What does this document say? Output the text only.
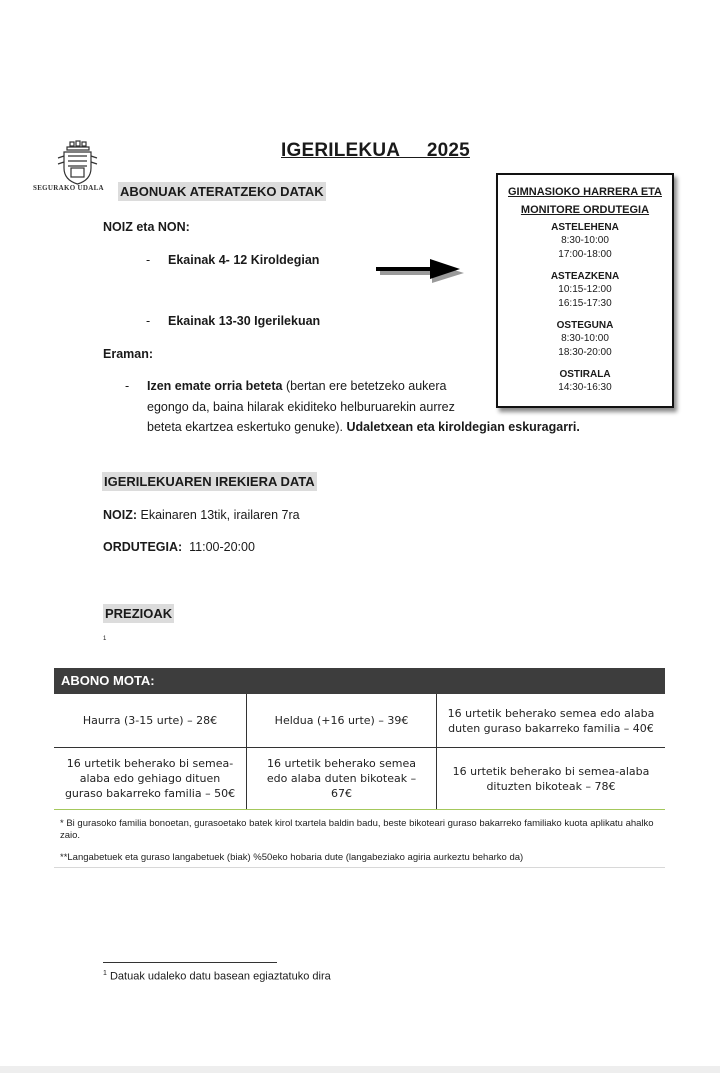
SEGURAKO UDALA
IGERILEKUA     2025
ABONUAK ATERATZEKO DATAK
NOIZ eta NON:
- Ekainak 4- 12 Kiroldegian
- Ekainak 13-30 Igerilekuan
Eraman:
- Izen emate orria beteta (bertan ere betetzeko aukera
egongo da, baina hilarak ekiditeko helburuarekin aurrez
beteta ekartzea eskertuko genuke). Udaletxean eta kiroldegian eskuragarri.
GIMNASIOKO HARRERA ETA
MONITORE ORDUTEGIA
ASTELEHENA
8:30-10:00
17:00-18:00
ASTEAZKENA
10:15-12:00
16:15-17:30
OSTEGUNA
8:30-10:00
18:30-20:00
OSTIRALA
14:30-16:30
IGERILEKUAREN IREKIERA DATA
NOIZ: Ekainaren 13tik, irailaren 7ra
ORDUTEGIA:  11:00-20:00
PREZIOAK
1
ABONO MOTA:
Haurra (3-15 urte) – 28€	Heldua (+16 urte) – 39€
16 urtetik beherako semea edo alaba duten guraso bakarreko familia – 40€
16 urtetik beherako bi semea-alaba edo gehiago dituen guraso bakarreko familia – 50€
16 urtetik beherako semea edo alaba duten bikoteak – 67€
16 urtetik beherako bi semea-alaba dituzten bikoteak – 78€
* Bi gurasoko familia bonoetan, gurasoetako batek kirol txartela baldin badu, beste bikoteari guraso bakarreko familiako kuota aplikatu ahalko zaio.
**Langabetuek eta guraso langabetuek (biak) %50eko hobaria dute (langabeziako agiria aurkeztu beharko da)
$^1$ Datuak udaleko datu basean egiaztatuko dira
